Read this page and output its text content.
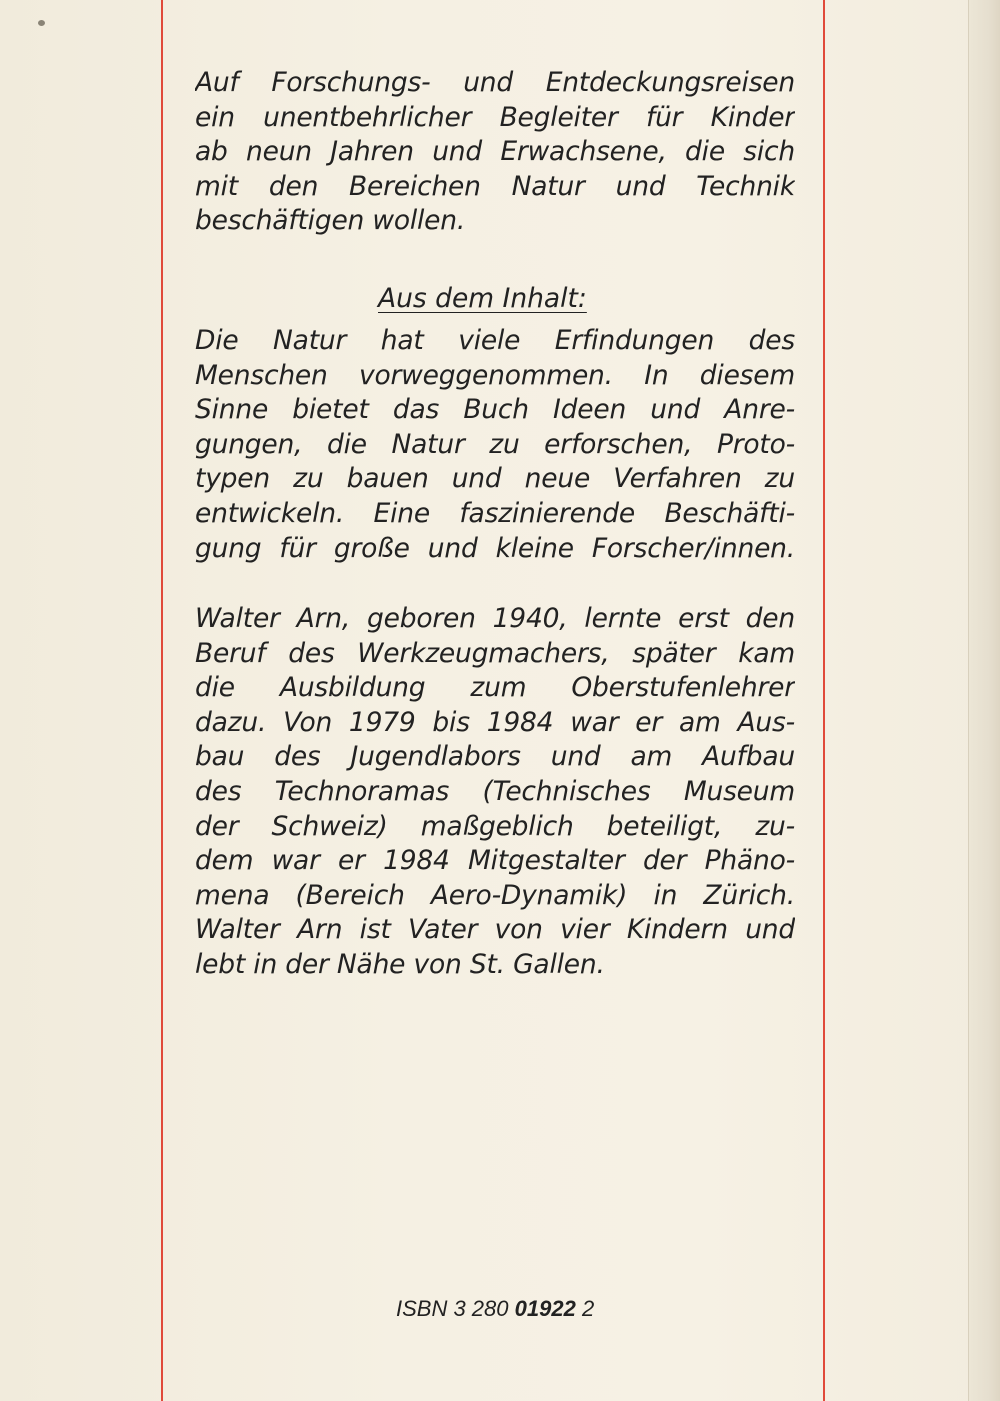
Auf Forschungs- und Entdeckungsreisen
ein unentbehrlicher Begleiter für Kinder
ab neun Jahren und Erwachsene, die sich
mit den Bereichen Natur und Technik
beschäftigen wollen.
Aus dem Inhalt:
Die Natur hat viele Erfindungen des
Menschen vorweggenommen. In diesem
Sinne bietet das Buch Ideen und Anre-
gungen, die Natur zu erforschen, Proto-
typen zu bauen und neue Verfahren zu
entwickeln. Eine faszinierende Beschäfti-
gung für große und kleine Forscher/innen.
Walter Arn, geboren 1940, lernte erst den
Beruf des Werkzeugmachers, später kam
die Ausbildung zum Oberstufenlehrer
dazu. Von 1979 bis 1984 war er am Aus-
bau des Jugendlabors und am Aufbau
des Technoramas (Technisches Museum
der Schweiz) maßgeblich beteiligt, zu-
dem war er 1984 Mitgestalter der Phäno-
mena (Bereich Aero-Dynamik) in Zürich.
Walter Arn ist Vater von vier Kindern und
lebt in der Nähe von St. Gallen.
ISBN 3 280 01922 2
